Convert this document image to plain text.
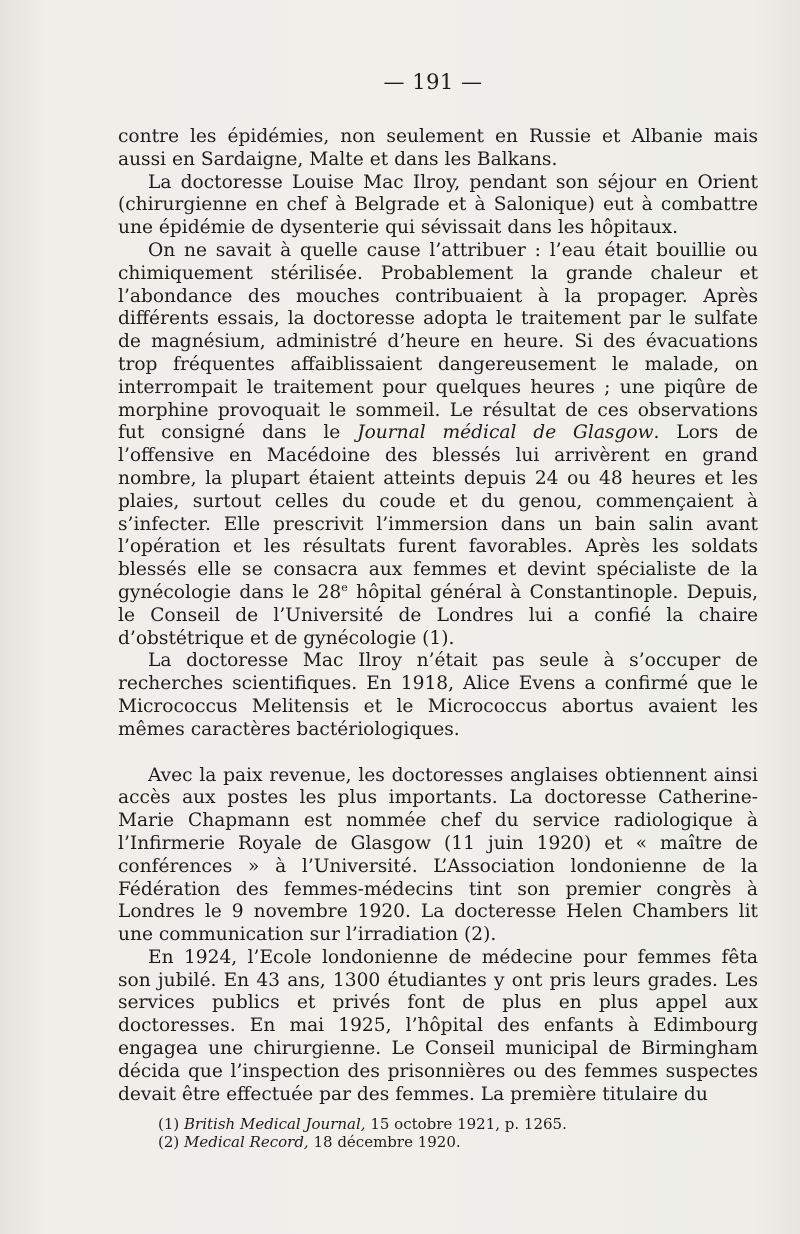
— 191 —

contre les épidémies, non seulement en Russie et Albanie mais aussi en Sardaigne, Malte et dans les Balkans.

La doctoresse Louise Mac Ilroy, pendant son séjour en Orient (chirurgienne en chef à Belgrade et à Salonique) eut à combattre une épidémie de dysenterie qui sévissait dans les hôpitaux.

On ne savait à quelle cause l’attribuer : l’eau était bouillie ou chimiquement stérilisée. Probablement la grande chaleur et l’abondance des mouches contribuaient à la propager. Après différents essais, la doctoresse adopta le traitement par le sulfate de magnésium, administré d’heure en heure. Si des évacuations trop fréquentes affaiblissaient dangereusement le malade, on interrompait le traitement pour quelques heures ; une piqûre de morphine provoquait le sommeil. Le résultat de ces observations fut consigné dans le Journal médical de Glasgow. Lors de l’offensive en Macédoine des blessés lui arrivèrent en grand nombre, la plupart étaient atteints depuis 24 ou 48 heures et les plaies, surtout celles du coude et du genou, commençaient à s’infecter. Elle prescrivit l’immersion dans un bain salin avant l’opération et les résultats furent favorables. Après les soldats blessés elle se consacra aux femmes et devint spécialiste de la gynécologie dans le 28e hôpital général à Constantinople. Depuis, le Conseil de l’Université de Londres lui a confié la chaire d’obstétrique et de gynécologie (1).

La doctoresse Mac Ilroy n’était pas seule à s’occuper de recherches scientifiques. En 1918, Alice Evens a confirmé que le Micrococcus Melitensis et le Micrococcus abortus avaient les mêmes caractères bactériologiques.

Avec la paix revenue, les doctoresses anglaises obtiennent ainsi accès aux postes les plus importants. La doctoresse Catherine-Marie Chapmann est nommée chef du service radiologique à l’Infirmerie Royale de Glasgow (11 juin 1920) et « maître de conférences » à l’Université. L’Association londonienne de la Fédération des femmes-médecins tint son premier congrès à Londres le 9 novembre 1920. La docteresse Helen Chambers lit une communication sur l’irradiation (2).

En 1924, l’Ecole londonienne de médecine pour femmes fêta son jubilé. En 43 ans, 1300 étudiantes y ont pris leurs grades. Les services publics et privés font de plus en plus appel aux doctoresses. En mai 1925, l’hôpital des enfants à Edimbourg engagea une chirurgienne. Le Conseil municipal de Birmingham décida que l’inspection des prisonnières ou des femmes suspectes devait être effectuée par des femmes. La première titulaire du

(1) British Medical Journal, 15 octobre 1921, p. 1265.
(2) Medical Record, 18 décembre 1920.
